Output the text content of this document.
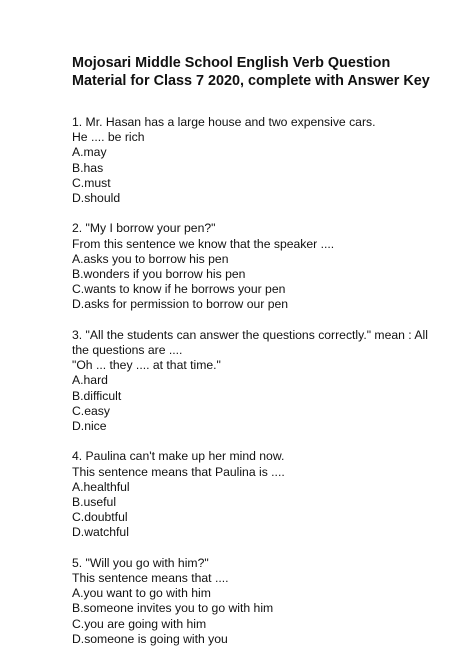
Mojosari Middle School English Verb Question
Material for Class 7 2020, complete with Answer Key
1. Mr. Hasan has a large house and two expensive cars.
He .... be rich
A.may
B.has
C.must
D.should
2. "My I borrow your pen?"
From this sentence we know that the speaker ....
A.asks you to borrow his pen
B.wonders if you borrow his pen
C.wants to know if he borrows your pen
D.asks for permission to borrow our pen
3. "All the students can answer the questions correctly." mean : All
the questions are ....
"Oh ... they .... at that time."
A.hard
B.difficult
C.easy
D.nice
4. Paulina can't make up her mind now.
This sentence means that Paulina is ....
A.healthful
B.useful
C.doubtful
D.watchful
5. "Will you go with him?"
This sentence means that ....
A.you want to go with him
B.someone invites you to go with him
C.you are going with him
D.someone is going with you
